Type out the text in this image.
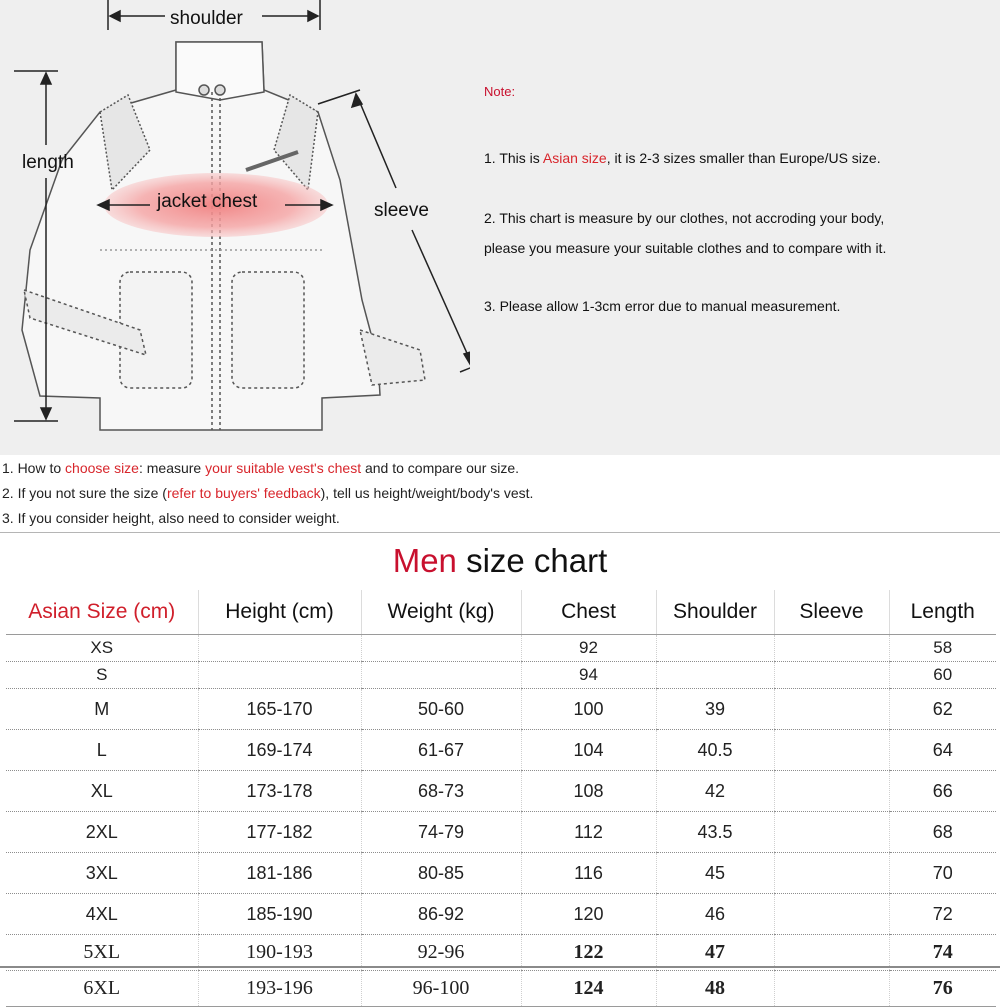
shoulder
length
jacket chest	sleeve
Note:
1. This is Asian size, it is 2-3 sizes smaller than Europe/US size.
2. This chart is measure by our clothes, not accroding your body,
please you measure your suitable clothes and to compare with it.
3. Please allow 1-3cm error due to manual measurement.
1. How to choose size: measure your suitable vest's chest and to compare our size.
2. If you not sure the size (refer to buyers' feedback), tell us height/weight/body's vest.
3. If you consider height, also need to consider weight.
Men size chart
Asian Size (cm)	Height (cm)	Weight (kg)	Chest	Shoulder	Sleeve	Length
XS			92			58
S			94			60
M	165-170	50-60	100	39		62
L	169-174	61-67	104	40.5		64
XL	173-178	68-73	108	42		66
2XL	177-182	74-79	112	43.5		68
3XL	181-186	80-85	116	45		70
4XL	185-190	86-92	120	46		72
5XL	190-193	92-96	122	47		74
6XL	193-196	96-100	124	48		76
